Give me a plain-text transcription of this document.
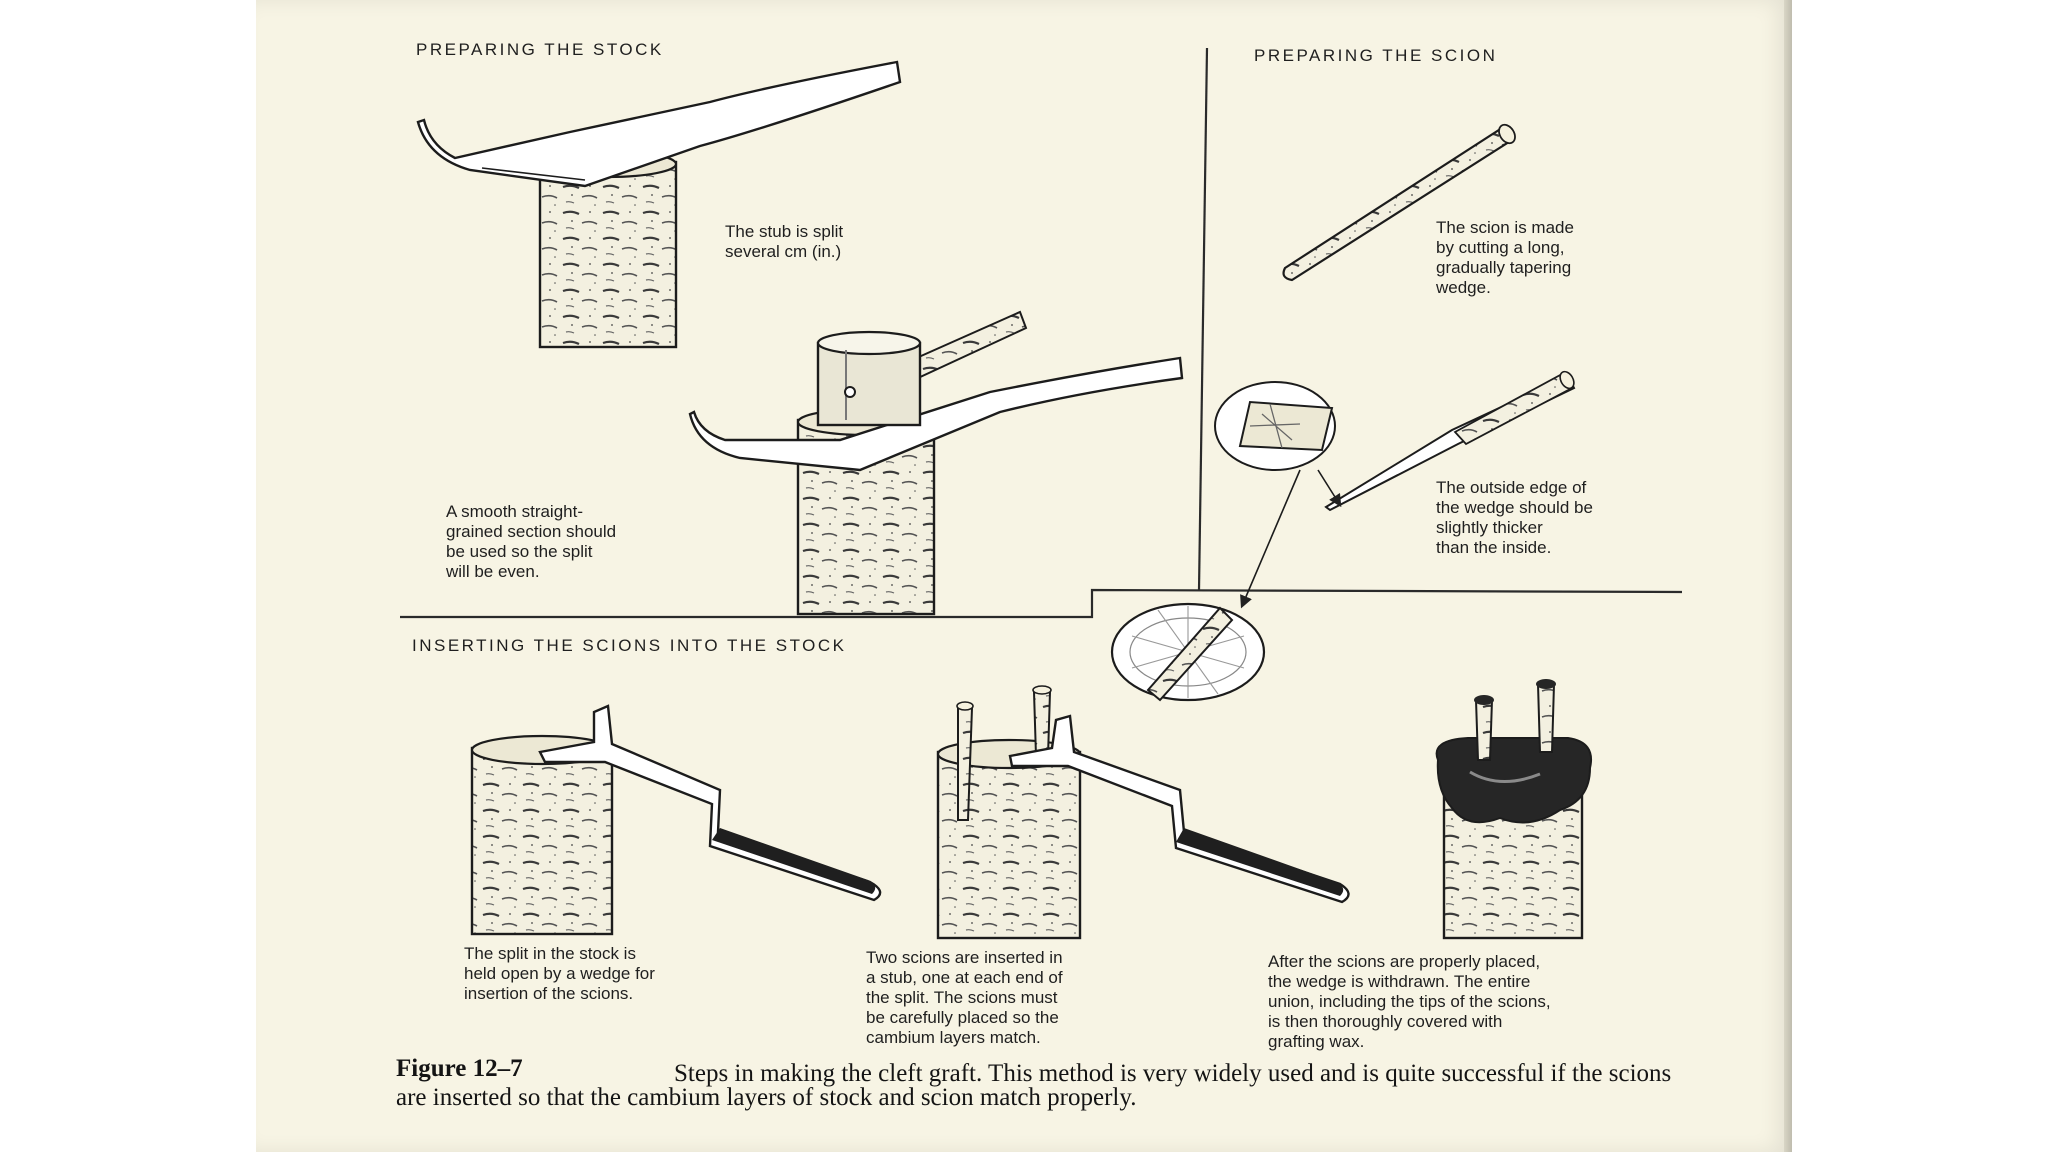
PREPARING THE STOCK	PREPARING THE SCION

INSERTING THE SCIONS INTO THE STOCK

The stub is split
several cm (in.)

A smooth straight-
grained section should
be used so the split
will be even.

The scion is made
by cutting a long,
gradually tapering
wedge.

The outside edge of
the wedge should be
slightly thicker
than the inside.

The split in the stock is
held open by a wedge for
insertion of the scions.

Two scions are inserted in
a stub, one at each end of
the split. The scions must
be carefully placed so the
cambium layers match.

After the scions are properly placed,
the wedge is withdrawn. The entire
union, including the tips of the scions,
is then thoroughly covered with
grafting wax.

Figure 12–7	Steps in making the cleft graft. This method is very widely used and is quite successful if the scions are inserted so that the cambium layers of stock and scion match properly.
